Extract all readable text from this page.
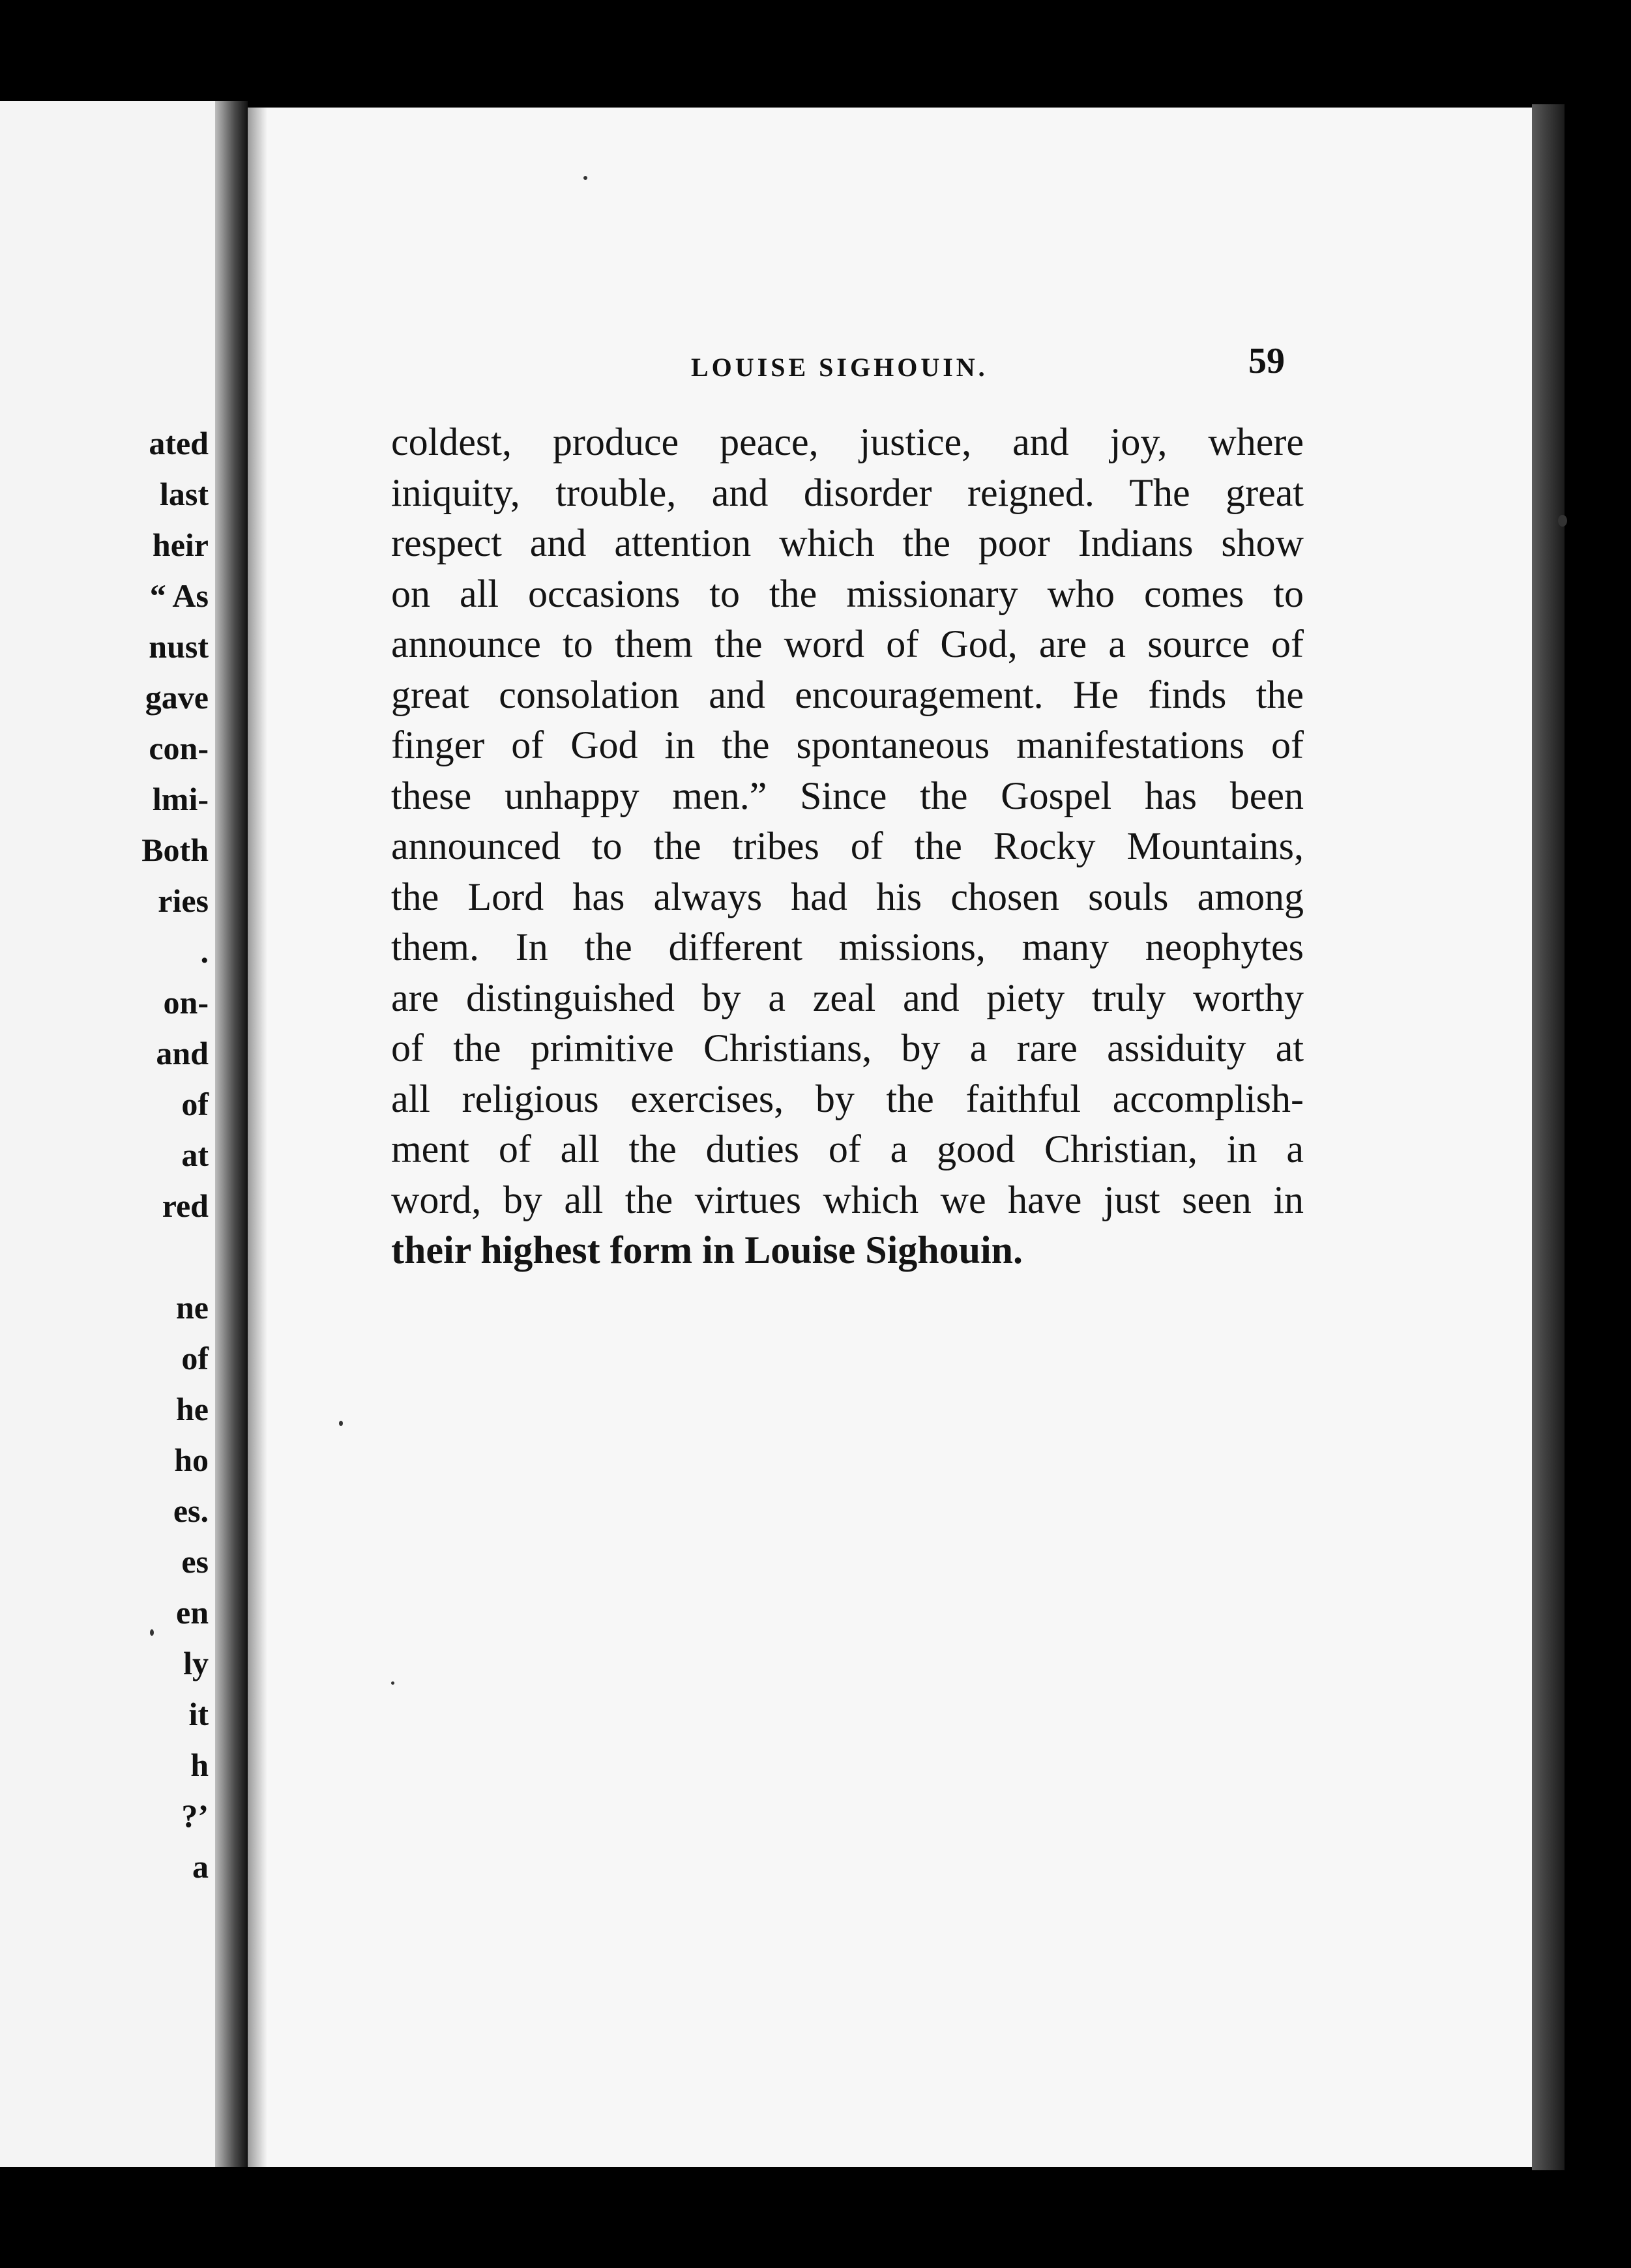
ated
last
heir
“ As
nust
gave
con-
lmi-
Both
ries
.
on-
and
of
at
red
ne
of
he
ho
es.
es
en
ly
it
h
?’
a
LOUISE SIGHOUIN.	59
coldest, produce peace, justice, and joy, where
iniquity, trouble, and disorder reigned. The great
respect and attention which the poor Indians show
on all occasions to the missionary who comes to
announce to them the word of God, are a source of
great consolation and encouragement. He finds the
finger of God in the spontaneous manifestations of
these unhappy men.” Since the Gospel has been
announced to the tribes of the Rocky Mountains,
the Lord has always had his chosen souls among
them. In the different missions, many neophytes
are distinguished by a zeal and piety truly worthy
of the primitive Christians, by a rare assiduity at
all religious exercises, by the faithful accomplish-
ment of all the duties of a good Christian, in a
word, by all the virtues which we have just seen in
their highest form in Louise Sighouin.
